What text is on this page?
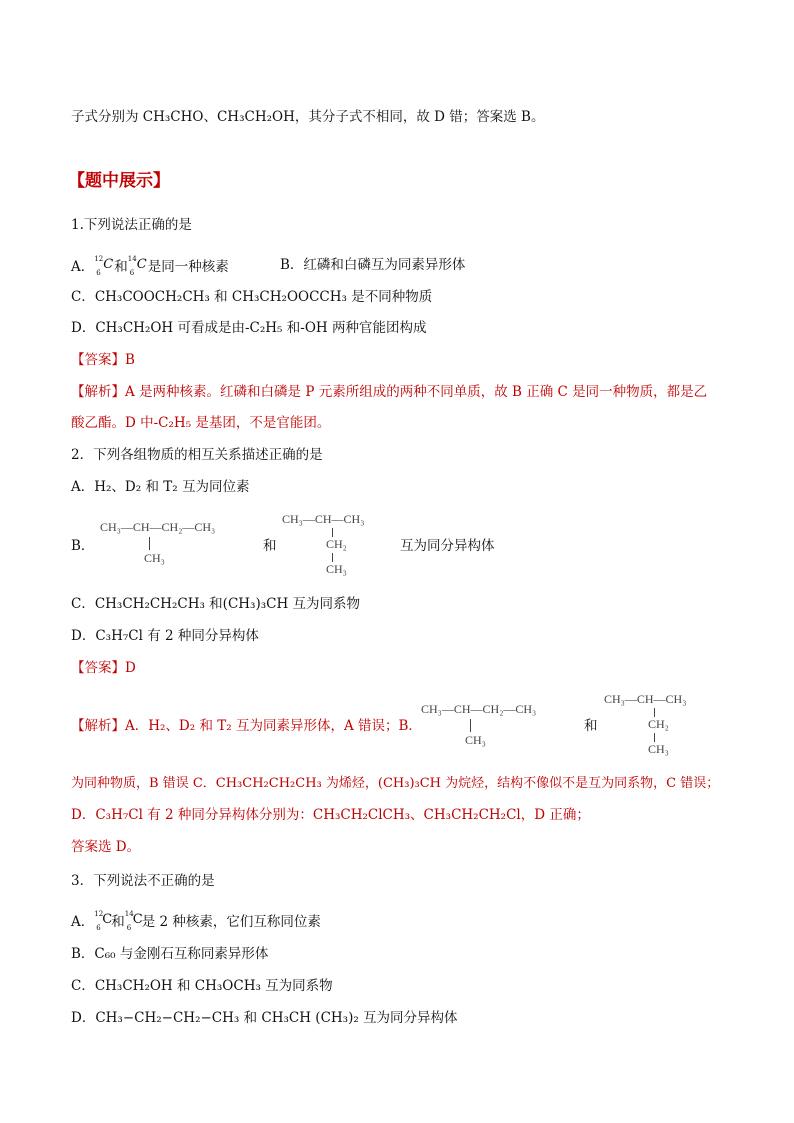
子式分别为 CH₃CHO、CH₃CH₂OH，其分子式不相同，故 D 错；答案选 B。
【题中展示】
1.下列说法正确的是
A． 12
6
C 和 14
6
C 是同一种核素	B．红磷和白磷互为同素异形体
C．CH₃COOCH₂CH₃ 和 CH₃CH₂OOCCH₃ 是不同种物质
D．CH₃CH₂OH 可看成是由-C₂H₅ 和-OH 两种官能团构成
【答案】B
【解析】A 是两种核素。红磷和白磷是 P 元素所组成的两种不同单质，故 B 正确 C 是同一种物质，都是乙
酸乙酯。D 中-C₂H₅ 是基团，不是官能团。
2．下列各组物质的相互关系描述正确的是
A．H₂、D₂ 和 T₂ 互为同位素
B．
CH₃—CH—CH₂—CH₃
CH₃
和
CH₃—CH—CH₃
CH₂
CH₃
互为同分异构体
C．CH₃CH₂CH₂CH₃ 和(CH₃)₃CH 互为同系物
D．C₃H₇Cl 有 2 种同分异构体
【答案】D
【解析】A．H₂、D₂ 和 T₂ 互为同素异形体，A 错误；B．
CH₃—CH—CH₂—CH₃
CH₃
和
CH₃—CH—CH₃
CH₂
CH₃
为同种物质，B 错误 C．CH₃CH₂CH₂CH₃ 为烯烃，(CH₃)₃CH 为烷烃，结构不像似不是互为同系物，C 错误；
D．C₃H₇Cl 有 2 种同分异构体分别为：CH₃CH₂ClCH₃、CH₃CH₂CH₂Cl，D 正确；
答案选 D。
3．下列说法不正确的是
A． 12
6
C 和 14
6
C 是 2 种核素，它们互称同位素
B．C₆₀ 与金刚石互称同素异形体
C．CH₃CH₂OH 和 CH₃OCH₃ 互为同系物
D．CH₃−CH₂−CH₂−CH₃ 和 CH₃CH (CH₃)₂ 互为同分异构体
